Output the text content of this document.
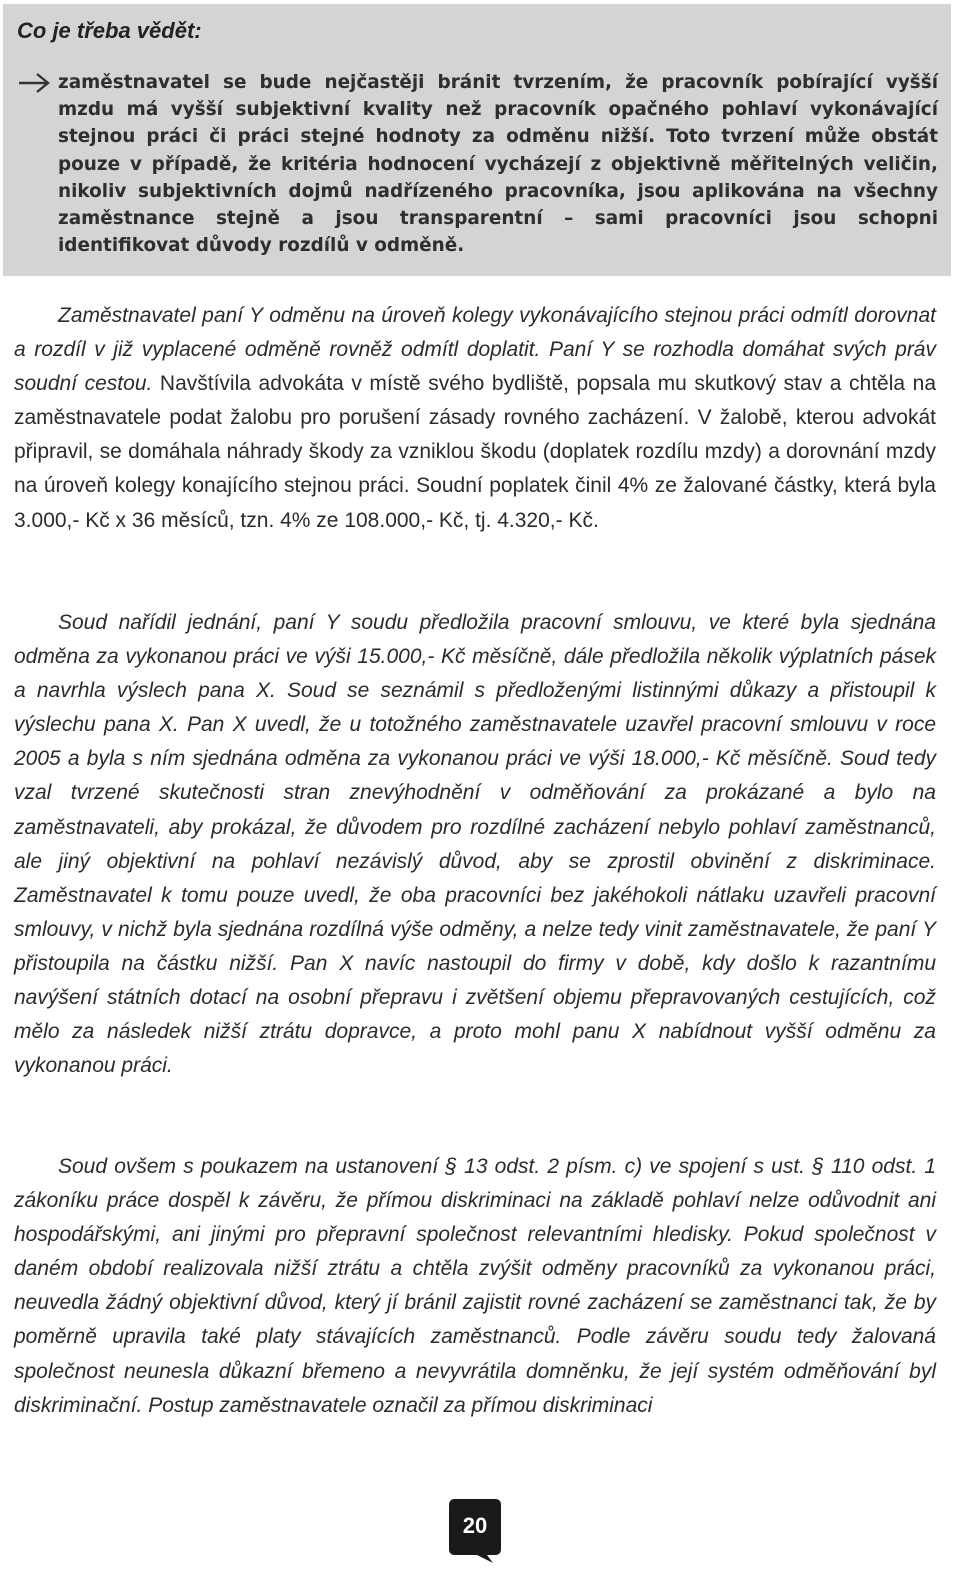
Co je třeba vědět:

zaměstnavatel se bude nejčastěji bránit tvrzením, že pracovník pobírající vyšší mzdu má vyšší subjektivní kvality než pracovník opačného pohlaví vykonávající stejnou práci či práci stejné hodnoty za odměnu nižší. Toto tvrzení může obstát pouze v případě, že kritéria hodnocení vycházejí z objektivně měřitelných veličin, nikoliv subjektivních dojmů nadřízeného pracovníka, jsou aplikována na všechny zaměstnance stejně a jsou transparentní – sami pracovníci jsou schopni identifikovat důvody rozdílů v odměně.

Zaměstnavatel paní Y odměnu na úroveň kolegy vykonávajícího stejnou práci odmítl dorovnat a rozdíl v již vyplacené odměně rovněž odmítl doplatit. Paní Y se rozhodla domáhat svých práv soudní cestou. Navštívila advokáta v místě svého bydliště, popsala mu skutkový stav a chtěla na zaměstnavatele podat žalobu pro porušení zásady rovného zacházení. V žalobě, kterou advokát připravil, se domáhala náhrady škody za vzniklou škodu (doplatek rozdílu mzdy) a dorovnání mzdy na úroveň kolegy konajícího stejnou práci. Soudní poplatek činil 4% ze žalované částky, která byla 3.000,- Kč x 36 měsíců, tzn. 4% ze 108.000,- Kč, tj. 4.320,- Kč.

Soud nařídil jednání, paní Y soudu předložila pracovní smlouvu, ve které byla sjednána odměna za vykonanou práci ve výši 15.000,- Kč měsíčně, dále předložila několik výplatních pásek a navrhla výslech pana X. Soud se seznámil s předloženými listinnými důkazy a přistoupil k výslechu pana X. Pan X uvedl, že u totožného zaměstnavatele uzavřel pracovní smlouvu v roce 2005 a byla s ním sjednána odměna za vykonanou práci ve výši 18.000,- Kč měsíčně. Soud tedy vzal tvrzené skutečnosti stran znevýhodnění v odměňování za prokázané a bylo na zaměstnavateli, aby prokázal, že důvodem pro rozdílné zacházení nebylo pohlaví zaměstnanců, ale jiný objektivní na pohlaví nezávislý důvod, aby se zprostil obvinění z diskriminace. Zaměstnavatel k tomu pouze uvedl, že oba pracovníci bez jakéhokoli nátlaku uzavřeli pracovní smlouvy, v nichž byla sjednána rozdílná výše odměny, a nelze tedy vinit zaměstnavatele, že paní Y přistoupila na částku nižší. Pan X navíc nastoupil do firmy v době, kdy došlo k razantnímu navýšení státních dotací na osobní přepravu i zvětšení objemu přepravovaných cestujících, což mělo za následek nižší ztrátu dopravce, a proto mohl panu X nabídnout vyšší odměnu za vykonanou práci.

Soud ovšem s poukazem na ustanovení § 13 odst. 2 písm. c) ve spojení s ust. § 110 odst. 1 zákoníku práce dospěl k závěru, že přímou diskriminaci na základě pohlaví nelze odůvodnit ani hospodářskými, ani jinými pro přepravní společnost relevantními hledisky. Pokud společnost v daném období realizovala nižší ztrátu a chtěla zvýšit odměny pracovníků za vykonanou práci, neuvedla žádný objektivní důvod, který jí bránil zajistit rovné zacházení se zaměstnanci tak, že by poměrně upravila také platy stávajících zaměstnanců. Podle závěru soudu tedy žalovaná společnost neunesla důkazní břemeno a nevyvrátila domněnku, že její systém odměňování byl diskriminační. Postup zaměstnavatele označil za přímou diskriminaci

20
